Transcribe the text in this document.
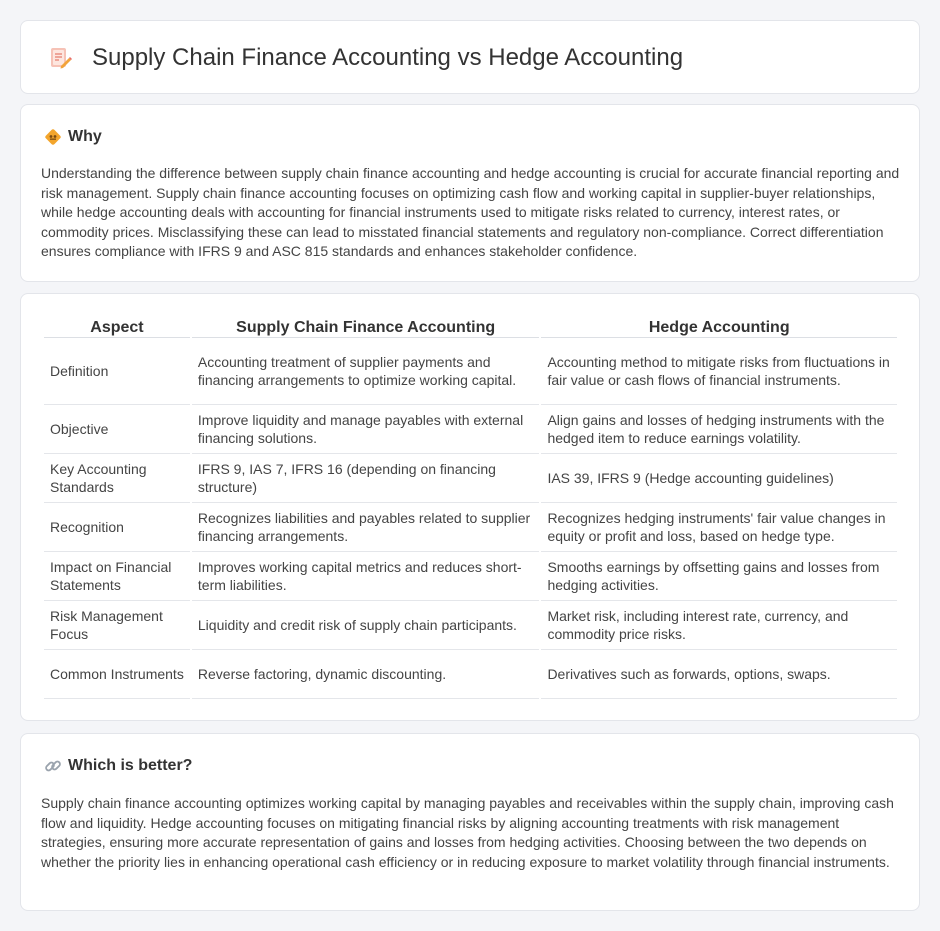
Supply Chain Finance Accounting vs Hedge Accounting
Why

Understanding the difference between supply chain finance accounting and hedge accounting is crucial for accurate financial reporting and risk management. Supply chain finance accounting focuses on optimizing cash flow and working capital in supplier-buyer relationships, while hedge accounting deals with accounting for financial instruments used to mitigate risks related to currency, interest rates, or commodity prices. Misclassifying these can lead to misstated financial statements and regulatory non-compliance. Correct differentiation ensures compliance with IFRS 9 and ASC 815 standards and enhances stakeholder confidence.

Aspect	Supply Chain Finance Accounting	Hedge Accounting
Definition	Accounting treatment of supplier payments and financing arrangements to optimize working capital.	Accounting method to mitigate risks from fluctuations in fair value or cash flows of financial instruments.
Objective	Improve liquidity and manage payables with external financing solutions.	Align gains and losses of hedging instruments with the hedged item to reduce earnings volatility.
Key Accounting Standards	IFRS 9, IAS 7, IFRS 16 (depending on financing structure)	IAS 39, IFRS 9 (Hedge accounting guidelines)
Recognition	Recognizes liabilities and payables related to supplier financing arrangements.	Recognizes hedging instruments' fair value changes in equity or profit and loss, based on hedge type.
Impact on Financial Statements	Improves working capital metrics and reduces short-term liabilities.	Smooths earnings by offsetting gains and losses from hedging activities.
Risk Management Focus	Liquidity and credit risk of supply chain participants.	Market risk, including interest rate, currency, and commodity price risks.
Common Instruments	Reverse factoring, dynamic discounting.	Derivatives such as forwards, options, swaps.
Which is better?

Supply chain finance accounting optimizes working capital by managing payables and receivables within the supply chain, improving cash flow and liquidity. Hedge accounting focuses on mitigating financial risks by aligning accounting treatments with risk management strategies, ensuring more accurate representation of gains and losses from hedging activities. Choosing between the two depends on whether the priority lies in enhancing operational cash efficiency or in reducing exposure to market volatility through financial instruments.
